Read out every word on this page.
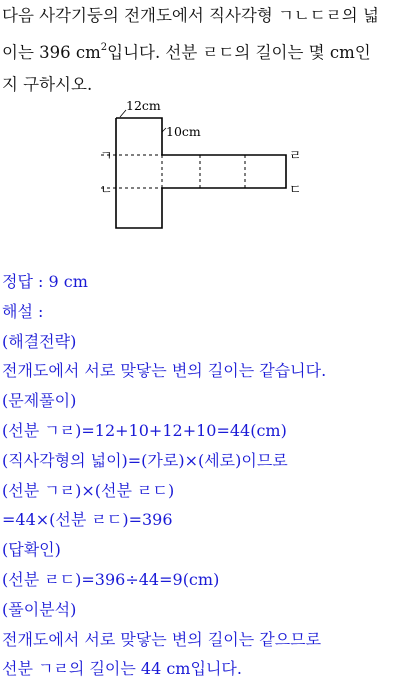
다음 사각기둥의 전개도에서 직사각형 ㄱㄴㄷㄹ의 넓
이는 396 $cm^2$입니다. 선분 ㄹㄷ의 길이는 몇 cm인
지 구하시오.
12cm
10cm
ㄱ
ㄴ
ㄹ
ㄷ
정답 : 9 cm
해설 :
(해결전략)
전개도에서 서로 맞닿는 변의 길이는 같습니다.
(문제풀이)
(선분 ㄱㄹ)=12+10+12+10=44(cm)
(직사각형의 넓이)=(가로)×(세로)이므로
(선분 ㄱㄹ)×(선분 ㄹㄷ)
=44×(선분 ㄹㄷ)=396
(답확인)
(선분 ㄹㄷ)=396÷44=9(cm)
(풀이분석)
전개도에서 서로 맞닿는 변의 길이는 같으므로
선분 ㄱㄹ의 길이는 44 cm입니다.
